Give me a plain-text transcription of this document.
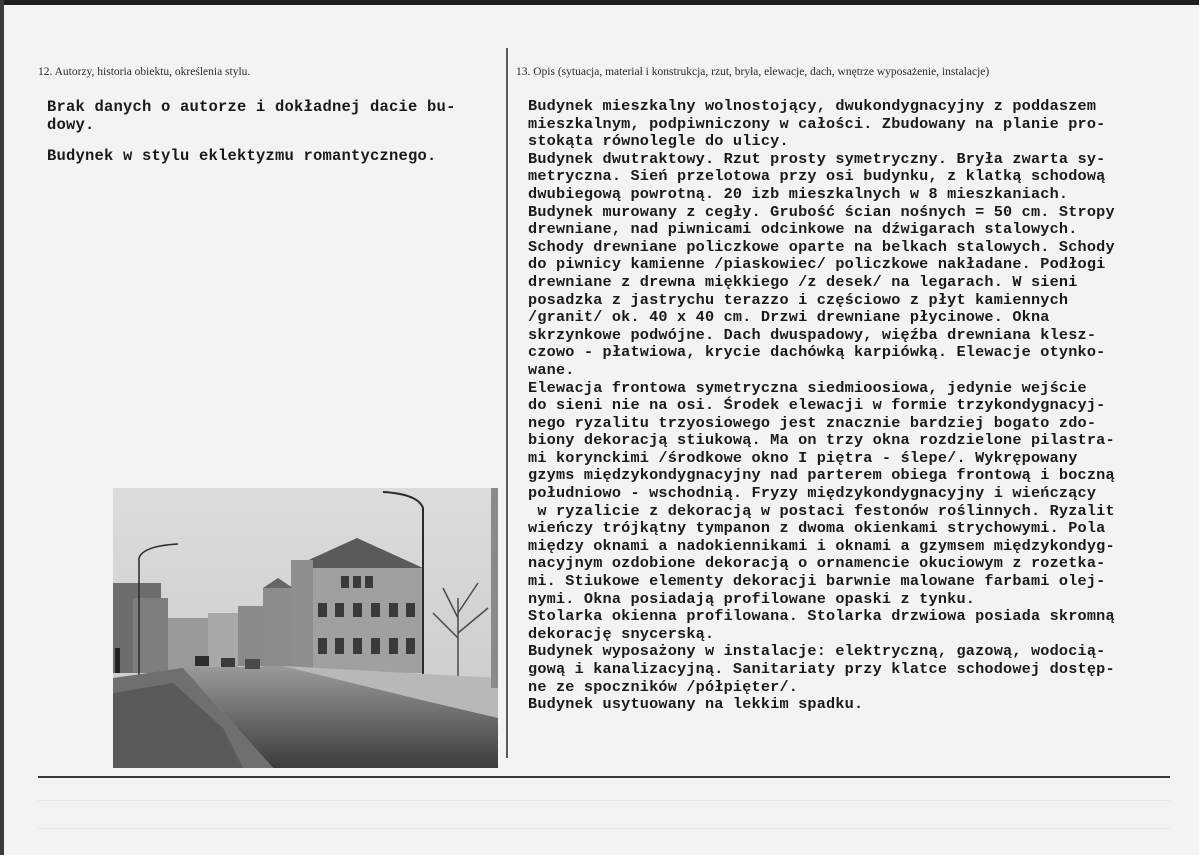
12. Autorzy, historia obiektu, określenia stylu.	13. Opis (sytuacja, materiał i konstrukcja, rzut, bryła, elewacje, dach, wnętrze wyposażenie, instalacje)

Brak danych o autorze i dokładnej dacie bu-
dowy.

Budynek w stylu eklektyzmu romantycznego.

Budynek mieszkalny wolnostojący, dwukondygnacyjny z poddaszem
mieszkalnym, podpiwniczony w całości. Zbudowany na planie pro-
stokąta równolegle do ulicy.
Budynek dwutraktowy. Rzut prosty symetryczny. Bryła zwarta sy-
metryczna. Sień przelotowa przy osi budynku, z klatką schodową
dwubiegową powrotną. 20 izb mieszkalnych w 8 mieszkaniach.
Budynek murowany z cegły. Grubość ścian nośnych = 50 cm. Stropy
drewniane, nad piwnicami odcinkowe na dźwigarach stalowych.
Schody drewniane policzkowe oparte na belkach stalowych. Schody
do piwnicy kamienne /piaskowiec/ policzkowe nakładane. Podłogi
drewniane z drewna miękkiego /z desek/ na legarach. W sieni
posadzka z jastrychu terazzo i częściowo z płyt kamiennych
/granit/ ok. 40 x 40 cm. Drzwi drewniane płycinowe. Okna
skrzynkowe podwójne. Dach dwuspadowy, więźba drewniana klesz-
czowo - płatwiowa, krycie dachówką karpiówką. Elewacje otynko-
wane.
Elewacja frontowa symetryczna siedmioosiowa, jedynie wejście
do sieni nie na osi. Środek elewacji w formie trzykondygnacyj-
nego ryzalitu trzyosiowego jest znacznie bardziej bogato zdo-
biony dekoracją stiukową. Ma on trzy okna rozdzielone pilastra-
mi korynckimi /środkowe okno I piętra - ślepe/. Wykrępowany
gzyms międzykondygnacyjny nad parterem obiega frontową i boczną
południowo - wschodnią. Fryzy międzykondygnacyjny i wieńczący
w ryzalicie z dekoracją w postaci festonów roślinnych. Ryzalit
wieńczy trójkątny tympanon z dwoma okienkami strychowymi. Pola
między oknami a nadokiennikami i oknami a gzymsem międzykondyg-
nacyjnym ozdobione dekoracją o ornamencie okuciowym z rozetka-
mi. Stiukowe elementy dekoracji barwnie malowane farbami olej-
nymi. Okna posiadają profilowane opaski z tynku.
Stolarka okienna profilowana. Stolarka drzwiowa posiada skromną
dekorację snycerską.
Budynek wyposażony w instalacje: elektryczną, gazową, wodocią-
gową i kanalizacyjną. Sanitariaty przy klatce schodowej dostęp-
ne ze spoczników /półpięter/.
Budynek usytuowany na lekkim spadku.
